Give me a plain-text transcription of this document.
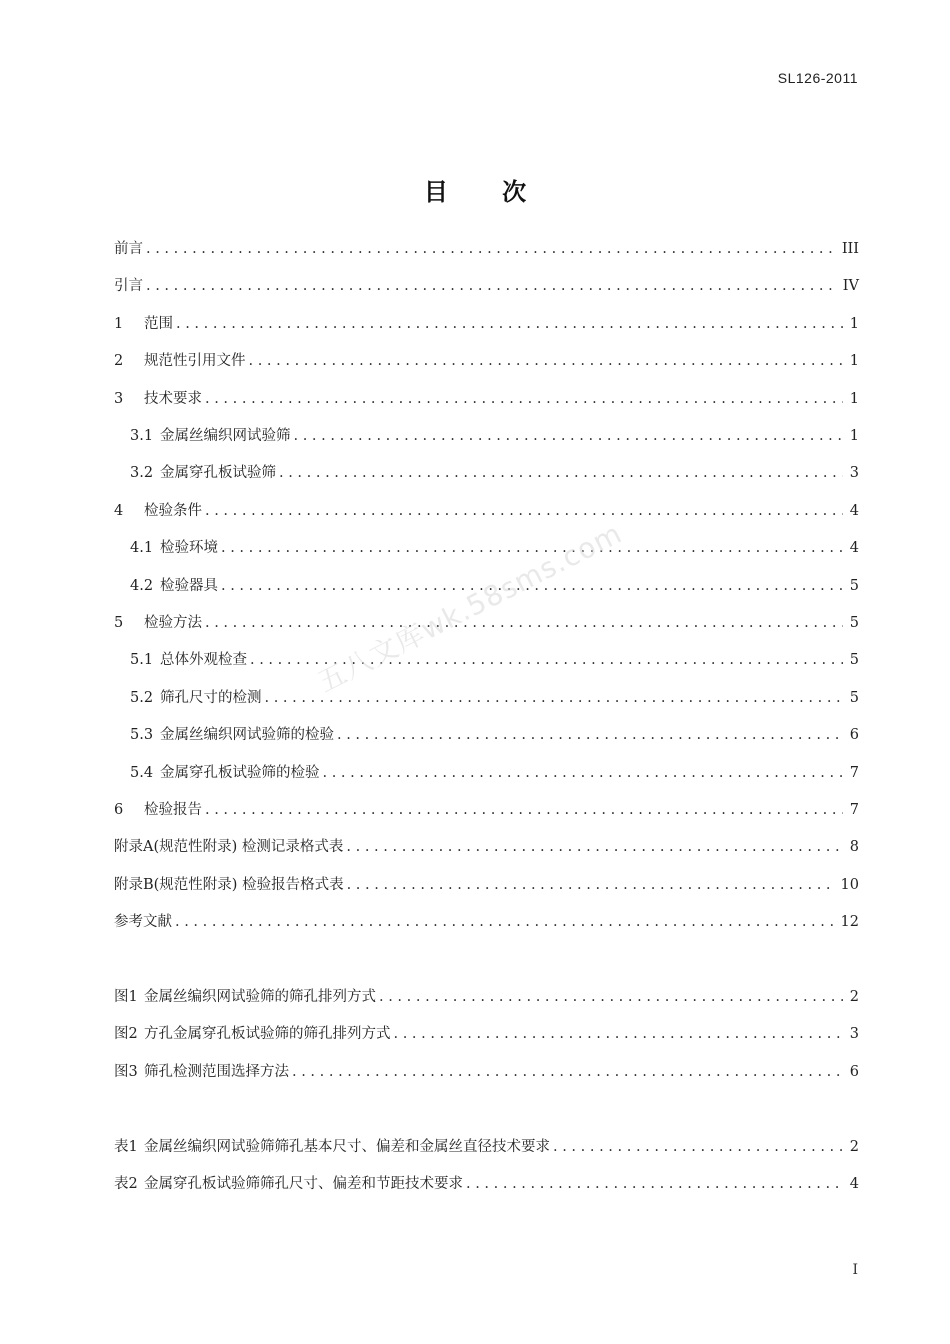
SL126-2011
目 次
前言 . . .	III
引言 . . .	IV
1	范围 . . .	1
2	规范性引用文件 . . .	1
3	技术要求 . . .	1
3.1 金属丝编织网试验筛 . . .	1
3.2 金属穿孔板试验筛 . . .	3
4	检验条件 . . .	4
4.1 检验环境 . . .	4
4.2 检验器具 . . .	5
5	检验方法 . . .	5
5.1 总体外观检查 . . .	5
5.2 筛孔尺寸的检测 . . .	5
5.3 金属丝编织网试验筛的检验 . . .	6
5.4 金属穿孔板试验筛的检验 . . .	7
6	检验报告 . . .	7
附录A(规范性附录) 检测记录格式表 . . .	8
附录B(规范性附录) 检验报告格式表 . . .	10
参考文献 . . .	12
图1 金属丝编织网试验筛的筛孔排列方式 . . .	2
图2 方孔金属穿孔板试验筛的筛孔排列方式 . . .	3
图3 筛孔检测范围选择方法 . . .	6
表1 金属丝编织网试验筛筛孔基本尺寸、偏差和金属丝直径技术要求 . . .	2
表2 金属穿孔板试验筛筛孔尺寸、偏差和节距技术要求 . . .	4
五八文库wk.58sms.com
I
